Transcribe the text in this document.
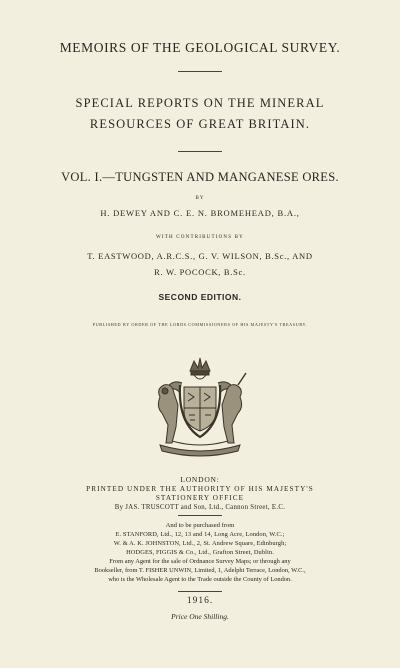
MEMOIRS OF THE GEOLOGICAL SURVEY.
SPECIAL REPORTS ON THE MINERAL
RESOURCES OF GREAT BRITAIN.
VOL. I.—TUNGSTEN AND MANGANESE ORES.
BY
H. DEWEY AND C. E. N. BROMEHEAD, B.A.,
WITH CONTRIBUTIONS BY
T. EASTWOOD, A.R.C.S., G. V. WILSON, B.Sc., AND
R. W. POCOCK, B.Sc.
SECOND EDITION.
PUBLISHED BY ORDER OF THE LORDS COMMISSIONERS OF HIS MAJESTY'S TREASURY.
LONDON:
PRINTED UNDER THE AUTHORITY OF HIS MAJESTY'S
STATIONERY OFFICE
By JAS. TRUSCOTT and Son, Ltd., Cannon Street, E.C.
And to be purchased from
E. STANFORD, Ltd., 12, 13 and 14, Long Acre, London, W.C.;
W. & A. K. JOHNSTON, Ltd., 2, St. Andrew Square, Edinburgh;
HODGES, FIGGIS & Co., Ltd., Grafton Street, Dublin.
From any Agent for the sale of Ordnance Survey Maps; or through any
Bookseller, from T. FISHER UNWIN, Limited, 1, Adelphi Terrace, London, W.C.,
who is the Wholesale Agent to the Trade outside the County of London.
1916.
Price One Shilling.
